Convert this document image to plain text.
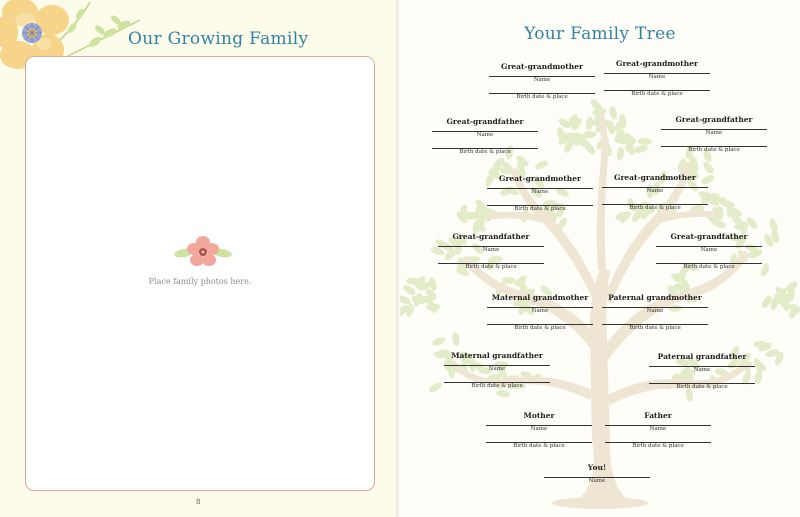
Our Growing Family
Place family photos here.
8
Your Family Tree
Great-grandmother
Name
Birth date & place
Great-grandmother
Name
Birth date & place
Great-grandfather
Name
Birth date & place
Great-grandfather
Name
Birth date & place
Great-grandmother
Name
Birth date & place
Great-grandmother
Name
Birth date & place
Great-grandfather
Name
Birth date & place
Great-grandfather
Name
Birth date & place
Maternal grandmother
Name
Birth date & place
Paternal grandmother
Name
Birth date & place
Maternal grandfather
Name
Birth date & place
Paternal grandfather
Name
Birth date & place
Mother
Name
Birth date & place
Father
Name
Birth date & place
You!
Name
